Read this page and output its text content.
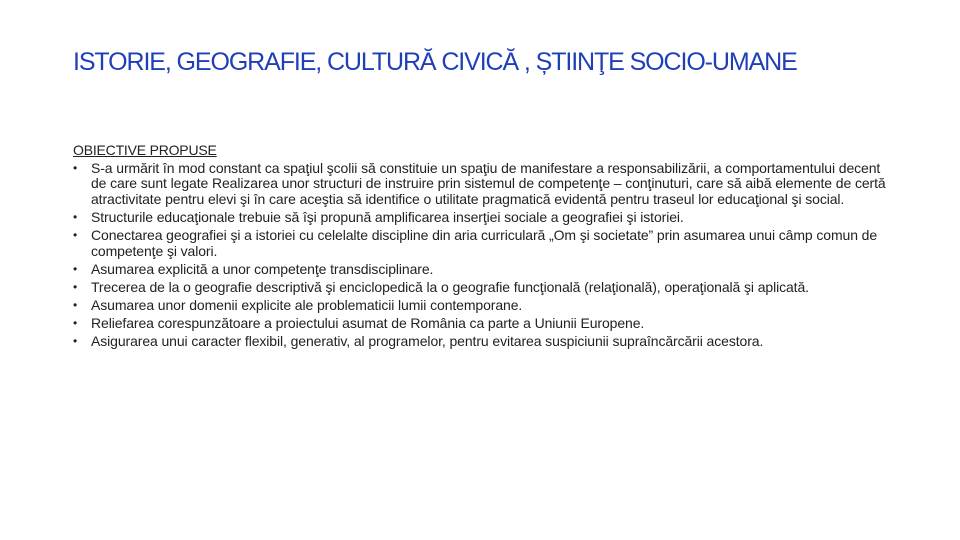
ISTORIE, GEOGRAFIE, CULTURĂ CIVICĂ , ȘTIINŢE SOCIO-UMANE
OBIECTIVE PROPUSE
• S-a urmărit în mod constant ca spaţiul şcolii să constituie un spaţiu de manifestare a responsabilizării, a comportamentului decent de care sunt legate Realizarea unor structuri de instruire prin sistemul de competenţe – conţinuturi, care să aibă elemente de certă atractivitate pentru elevi şi în care aceştia să identifice o utilitate pragmatică evidentă pentru traseul lor educaţional şi social.
• Structurile educaţionale trebuie să îşi propună amplificarea inserţiei sociale a geografiei şi istoriei.
• Conectarea geografiei şi a istoriei cu celelalte discipline din aria curriculară „Om şi societate” prin asumarea unui câmp comun de competenţe şi valori.
• Asumarea explicită a unor competenţe transdisciplinare.
• Trecerea de la o geografie descriptivă şi enciclopedică la o geografie funcţională (relaţională), operaţională şi aplicată.
• Asumarea unor domenii explicite ale problematicii lumii contemporane.
• Reliefarea corespunzătoare a proiectului asumat de România ca parte a Uniunii Europene.
• Asigurarea unui caracter flexibil, generativ, al programelor, pentru evitarea suspiciunii supraîncărcării acestora.
